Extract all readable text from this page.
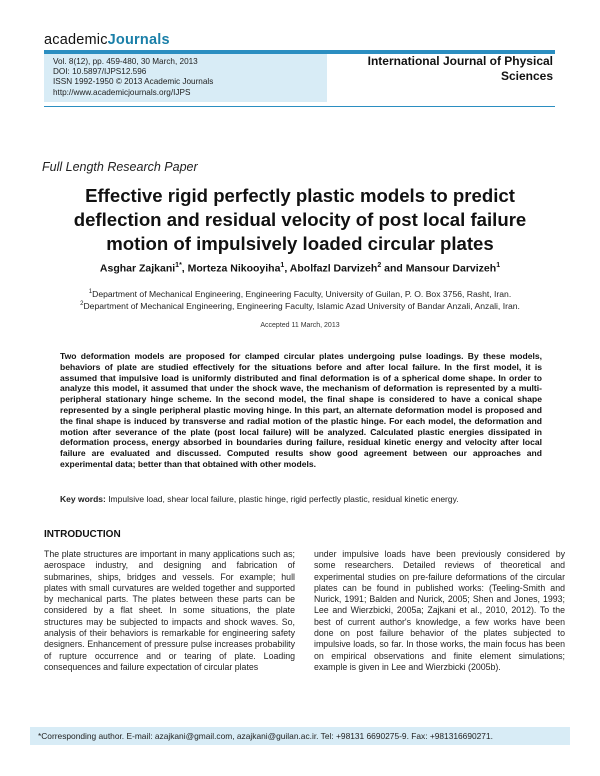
academicJournals
Vol. 8(12), pp. 459-480, 30 March, 2013
DOI: 10.5897/IJPS12.596
ISSN 1992-1950 © 2013 Academic Journals
http://www.academicjournals.org/IJPS
International Journal of Physical
Sciences
Full Length Research Paper
Effective rigid perfectly plastic models to predict
deflection and residual velocity of post local failure
motion of impulsively loaded circular plates
Asghar Zajkani$^{1*}$, Morteza Nikooyiha$^1$, Abolfazl Darvizeh$^2$ and Mansour Darvizeh$^1$
$^1$Department of Mechanical Engineering, Engineering Faculty, University of Guilan, P. O. Box 3756, Rasht, Iran.
$^2$Department of Mechanical Engineering, Engineering Faculty, Islamic Azad University of Bandar Anzali, Anzali, Iran.
Accepted 11 March, 2013
Two deformation models are proposed for clamped circular plates undergoing pulse loadings. By these models, behaviors of plate are studied effectively for the situations before and after local failure. In the first model, it is assumed that impulsive load is uniformly distributed and final deformation is of a spherical dome shape. In order to analyze this model, it assumed that under the shock wave, the mechanism of deformation is represented by a multi-peripheral stationary hinge scheme. In the second model, the final shape is considered to have a conical shape represented by a single peripheral plastic moving hinge. In this part, an alternate deformation model is proposed and the final shape is induced by transverse and radial motion of the plastic hinge. For each model, the deformation and motion after severance of the plate (post local failure) will be analyzed. Calculated plastic energies dissipated in deformation process, energy absorbed in boundaries during failure, residual kinetic energy and velocity after local failure are evaluated and discussed. Computed results show good agreement between our approaches and experimental data; better than that obtained with other models.
Key words: Impulsive load, shear local failure, plastic hinge, rigid perfectly plastic, residual kinetic energy.
INTRODUCTION
The plate structures are important in many applications such as; aerospace industry, and designing and fabrication of submarines, ships, bridges and vessels. For example; hull plates with small curvatures are welded together and supported by mechanical parts. The plates between these parts can be considered by a flat sheet. In some situations, the plate structures may be subjected to impacts and shock waves. So, analysis of their behaviors is remarkable for engineering safety designers. Enhancement of pressure pulse increases probability of rupture occurrence and or tearing of plate. Loading consequences and failure expectation of circular plates
under impulsive loads have been previously considered by some researchers. Detailed reviews of theoretical and experimental studies on pre-failure deformations of the circular plates can be found in published works: (Teeling-Smith and Nurick, 1991; Balden and Nurick, 2005; Shen and Jones, 1993; Lee and Wierzbicki, 2005a; Zajkani et al., 2010, 2012). To the best of current author's knowledge, a few works have been done on post failure behavior of the plates subjected to impulsive loads, so far. In those works, the main focus has been on empirical observations and finite element simulations; example is given in Lee and Wierzbicki (2005b).
*Corresponding author. E-mail: azajkani@gmail.com, azajkani@guilan.ac.ir. Tel: +98131 6690275-9. Fax: +981316690271.
